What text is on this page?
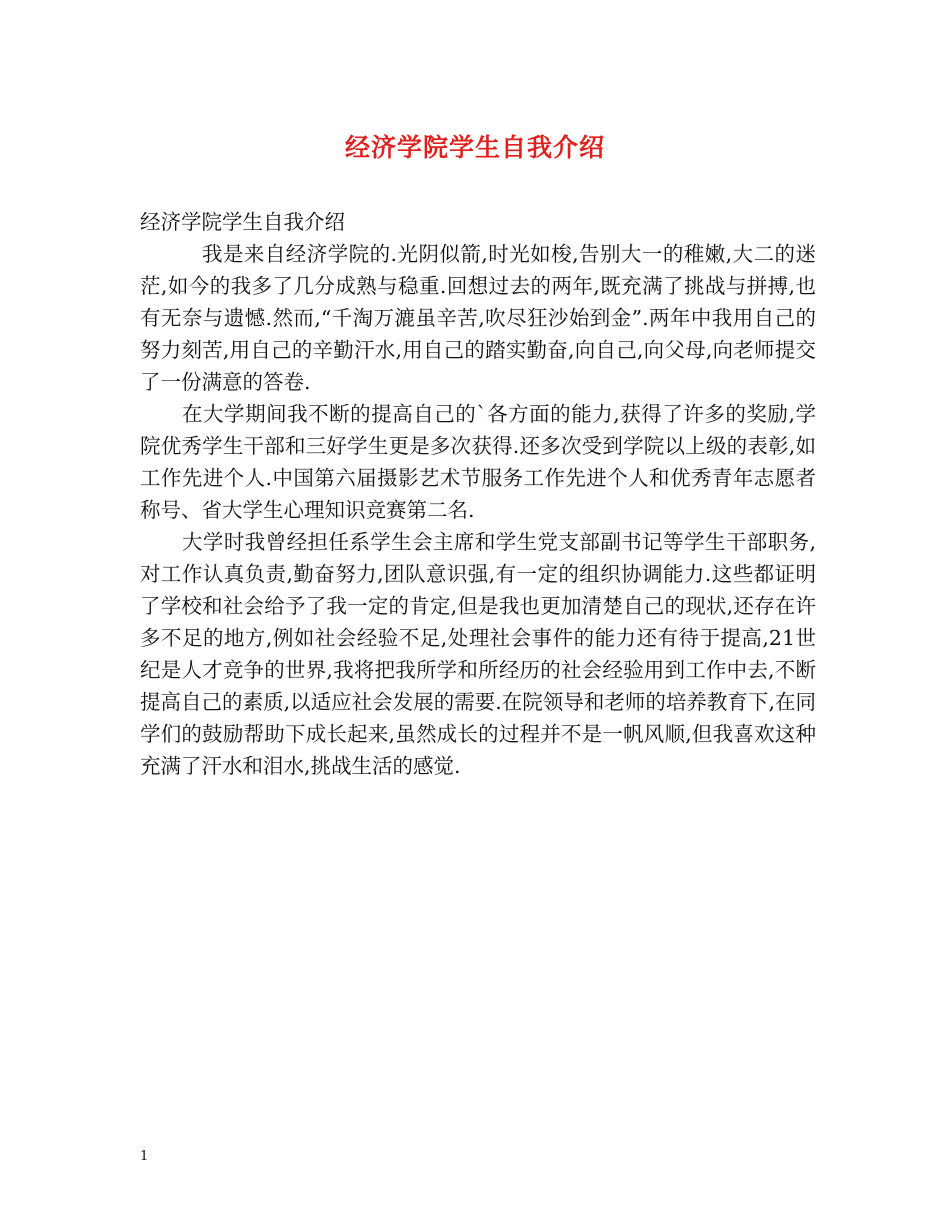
经济学院学生自我介绍

经济学院学生自我介绍

我是来自经济学院的.光阴似箭,时光如梭,告别大一的稚嫩,大二的迷茫,如今的我多了几分成熟与稳重.回想过去的两年,既充满了挑战与拼搏,也有无奈与遗憾.然而,“千淘万漉虽辛苦,吹尽狂沙始到金”.两年中我用自己的努力刻苦,用自己的辛勤汗水,用自己的踏实勤奋,向自己,向父母,向老师提交了一份满意的答卷.

在大学期间我不断的提高自己的`各方面的能力,获得了许多的奖励,学院优秀学生干部和三好学生更是多次获得.还多次受到学院以上级的表彰,如工作先进个人.中国第六届摄影艺术节服务工作先进个人和优秀青年志愿者称号、省大学生心理知识竞赛第二名.

大学时我曾经担任系学生会主席和学生党支部副书记等学生干部职务,对工作认真负责,勤奋努力,团队意识强,有一定的组织协调能力.这些都证明了学校和社会给予了我一定的肯定,但是我也更加清楚自己的现状,还存在许多不足的地方,例如社会经验不足,处理社会事件的能力还有待于提高,21世纪是人才竞争的世界,我将把我所学和所经历的社会经验用到工作中去,不断提高自己的素质,以适应社会发展的需要.在院领导和老师的培养教育下,在同学们的鼓励帮助下成长起来,虽然成长的过程并不是一帆风顺,但我喜欢这种充满了汗水和泪水,挑战生活的感觉.

1
